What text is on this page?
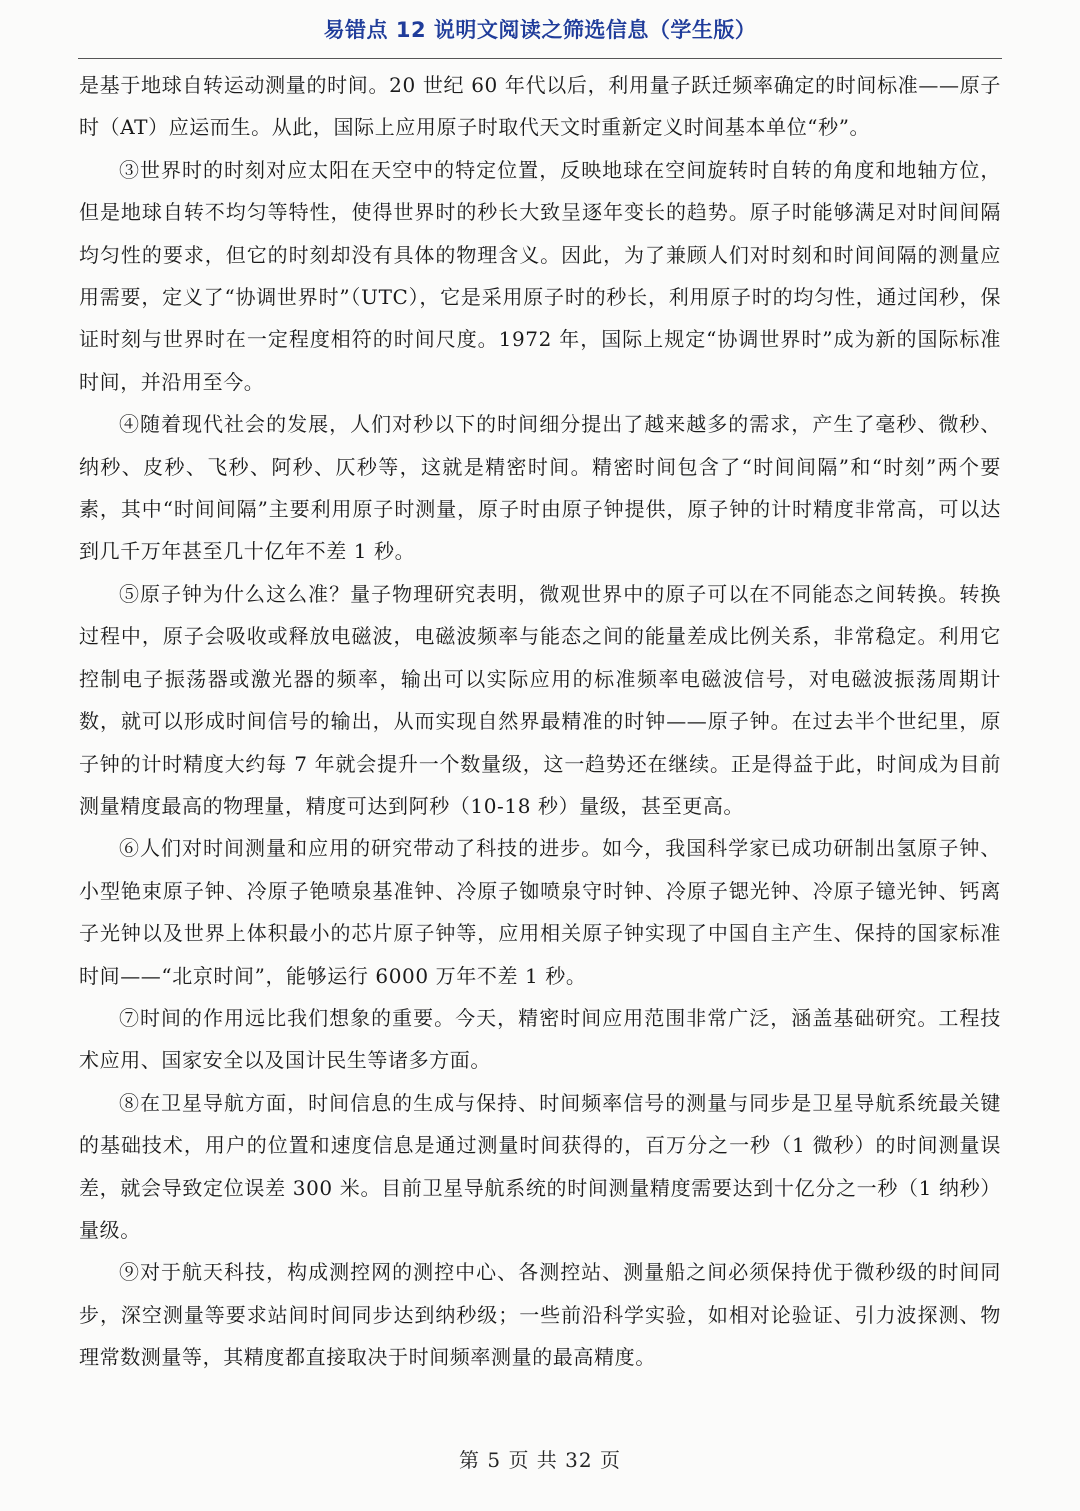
易错点 12 说明文阅读之筛选信息（学生版）

是基于地球自转运动测量的时间。20 世纪 60 年代以后，利用量子跃迁频率确定的时间标准——原子时（AT）应运而生。从此，国际上应用原子时取代天文时重新定义时间基本单位“秒”。

③世界时的时刻对应太阳在天空中的特定位置，反映地球在空间旋转时自转的角度和地轴方位，但是地球自转不均匀等特性，使得世界时的秒长大致呈逐年变长的趋势。原子时能够满足对时间间隔均匀性的要求，但它的时刻却没有具体的物理含义。因此，为了兼顾人们对时刻和时间间隔的测量应用需要，定义了“协调世界时”（UTC），它是采用原子时的秒长，利用原子时的均匀性，通过闰秒，保证时刻与世界时在一定程度相符的时间尺度。1972 年，国际上规定“协调世界时”成为新的国际标准时间，并沿用至今。

④随着现代社会的发展，人们对秒以下的时间细分提出了越来越多的需求，产生了毫秒、微秒、纳秒、皮秒、飞秒、阿秒、仄秒等，这就是精密时间。精密时间包含了“时间间隔”和“时刻”两个要素，其中“时间间隔”主要利用原子时测量，原子时由原子钟提供，原子钟的计时精度非常高，可以达到几千万年甚至几十亿年不差 1 秒。

⑤原子钟为什么这么准？量子物理研究表明，微观世界中的原子可以在不同能态之间转换。转换过程中，原子会吸收或释放电磁波，电磁波频率与能态之间的能量差成比例关系，非常稳定。利用它控制电子振荡器或激光器的频率，输出可以实际应用的标准频率电磁波信号，对电磁波振荡周期计数，就可以形成时间信号的输出，从而实现自然界最精准的时钟——原子钟。在过去半个世纪里，原子钟的计时精度大约每 7 年就会提升一个数量级，这一趋势还在继续。正是得益于此，时间成为目前测量精度最高的物理量，精度可达到阿秒（10-18 秒）量级，甚至更高。

⑥人们对时间测量和应用的研究带动了科技的进步。如今，我国科学家已成功研制出氢原子钟、小型铯束原子钟、冷原子铯喷泉基准钟、冷原子铷喷泉守时钟、冷原子锶光钟、冷原子镱光钟、钙离子光钟以及世界上体积最小的芯片原子钟等，应用相关原子钟实现了中国自主产生、保持的国家标准时间——“北京时间”，能够运行 6000 万年不差 1 秒。

⑦时间的作用远比我们想象的重要。今天，精密时间应用范围非常广泛，涵盖基础研究。工程技术应用、国家安全以及国计民生等诸多方面。

⑧在卫星导航方面，时间信息的生成与保持、时间频率信号的测量与同步是卫星导航系统最关键的基础技术，用户的位置和速度信息是通过测量时间获得的，百万分之一秒（1 微秒）的时间测量误差，就会导致定位误差 300 米。目前卫星导航系统的时间测量精度需要达到十亿分之一秒（1 纳秒）量级。

⑨对于航天科技，构成测控网的测控中心、各测控站、测量船之间必须保持优于微秒级的时间同步，深空测量等要求站间时间同步达到纳秒级；一些前沿科学实验，如相对论验证、引力波探测、物理常数测量等，其精度都直接取决于时间频率测量的最高精度。

第 5 页 共 32 页
